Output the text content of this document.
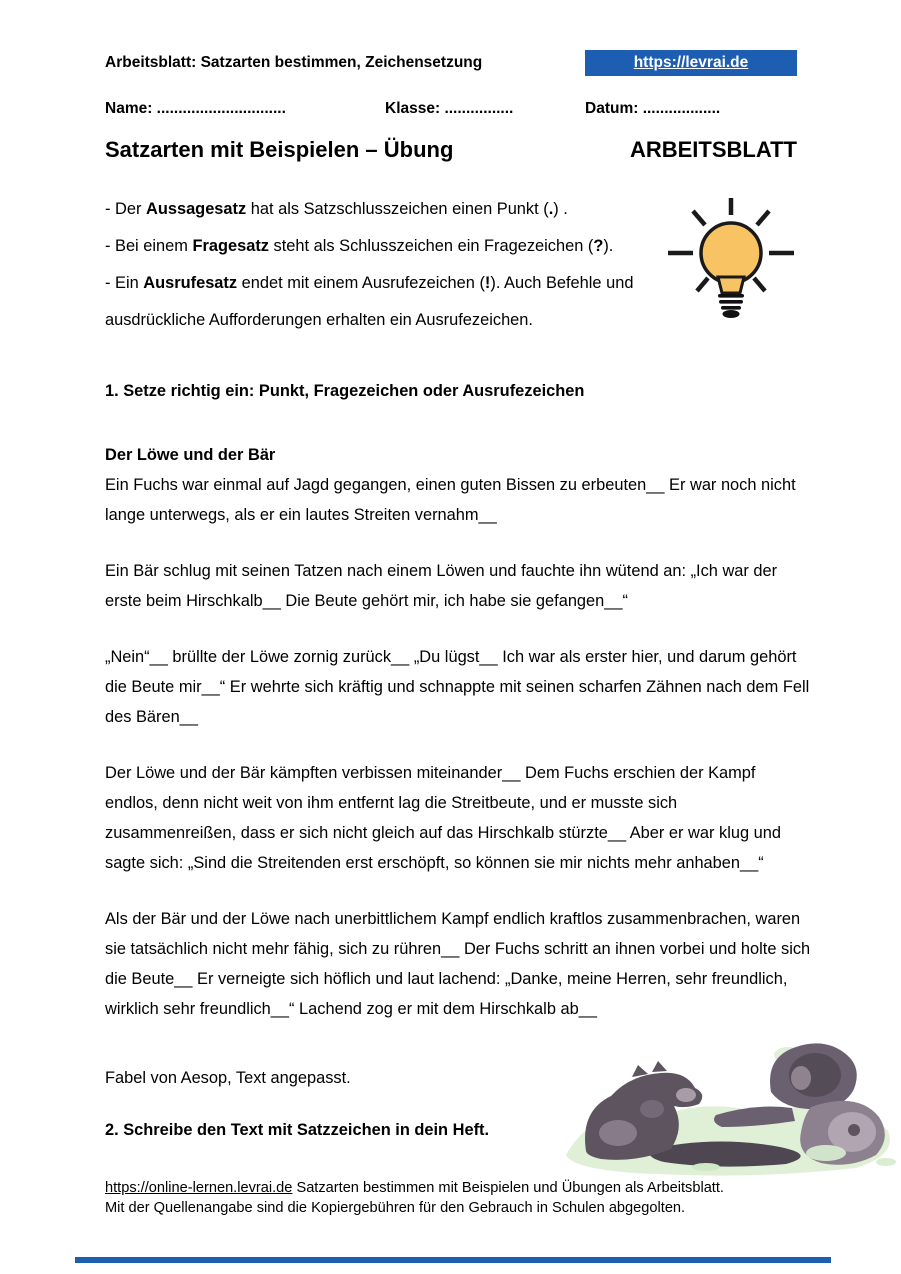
Arbeitsblatt: Satzarten bestimmen, Zeichensetzung	https://levrai.de
Name: ..............................	Klasse: ................	Datum: ..................
Satzarten mit Beispielen – Übung	ARBEITSBLATT
- Der Aussagesatz hat als Satzschlusszeichen einen Punkt (.) .
- Bei einem Fragesatz steht als Schlusszeichen ein Fragezeichen (?).
- Ein Ausrufesatz endet mit einem Ausrufezeichen (!). Auch Befehle und ausdrückliche Aufforderungen erhalten ein Ausrufezeichen.
1. Setze richtig ein: Punkt, Fragezeichen oder Ausrufezeichen
Der Löwe und der Bär

Ein Fuchs war einmal auf Jagd gegangen, einen guten Bissen zu erbeuten__ Er war noch nicht lange unterwegs, als er ein lautes Streiten vernahm__

Ein Bär schlug mit seinen Tatzen nach einem Löwen und fauchte ihn wütend an: „Ich war der erste beim Hirschkalb__ Die Beute gehört mir, ich habe sie gefangen__“

„Nein“__ brüllte der Löwe zornig zurück__ „Du lügst__ Ich war als erster hier, und darum gehört die Beute mir__“ Er wehrte sich kräftig und schnappte mit seinen scharfen Zähnen nach dem Fell des Bären__

Der Löwe und der Bär kämpften verbissen miteinander__ Dem Fuchs erschien der Kampf endlos, denn nicht weit von ihm entfernt lag die Streitbeute, und er musste sich zusammenreißen, dass er sich nicht gleich auf das Hirschkalb stürzte__ Aber er war klug und sagte sich: „Sind die Streitenden erst erschöpft, so können sie mir nichts mehr anhaben__“

Als der Bär und der Löwe nach unerbittlichem Kampf endlich kraftlos zusammenbrachen, waren sie tatsächlich nicht mehr fähig, sich zu rühren__ Der Fuchs schritt an ihnen vorbei und holte sich die Beute__ Er verneigte sich höflich und laut lachend: „Danke, meine Herren, sehr freundlich, wirklich sehr freundlich__“ Lachend zog er mit dem Hirschkalb ab__

Fabel von Aesop, Text angepasst.
2. Schreibe den Text mit Satzzeichen in dein Heft.
https://online-lernen.levrai.de Satzarten bestimmen mit Beispielen und Übungen als Arbeitsblatt.
Mit der Quellenangabe sind die Kopiergebühren für den Gebrauch in Schulen abgegolten.
